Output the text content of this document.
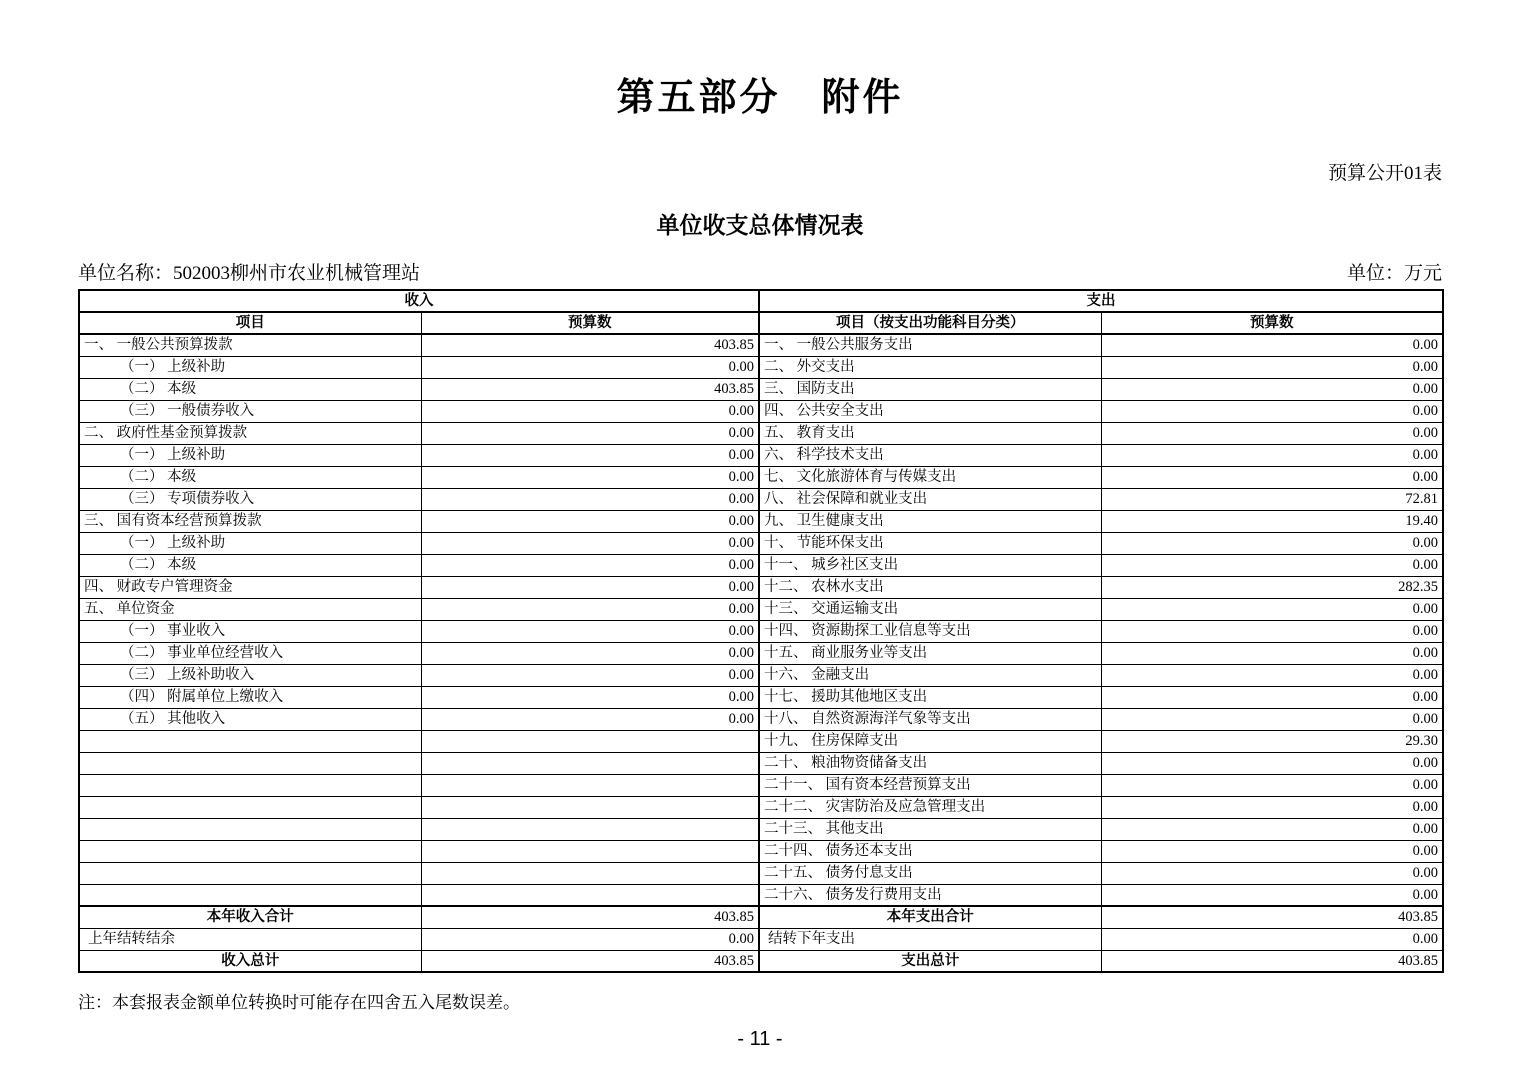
第五部分　附件
预算公开01表
单位收支总体情况表
单位名称：502003柳州市农业机械管理站	单位：万元
收入		支出	
项目	预算数	项目（按支出功能科目分类）	预算数
一、 一般公共预算拨款	403.85	一、 一般公共服务支出	0.00
（一） 上级补助	0.00	二、 外交支出	0.00
（二） 本级	403.85	三、 国防支出	0.00
（三） 一般债券收入	0.00	四、 公共安全支出	0.00
二、 政府性基金预算拨款	0.00	五、 教育支出	0.00
（一） 上级补助	0.00	六、 科学技术支出	0.00
（二） 本级	0.00	七、 文化旅游体育与传媒支出	0.00
（三） 专项债券收入	0.00	八、 社会保障和就业支出	72.81
三、 国有资本经营预算拨款	0.00	九、 卫生健康支出	19.40
（一） 上级补助	0.00	十、 节能环保支出	0.00
（二） 本级	0.00	十一、 城乡社区支出	0.00
四、 财政专户管理资金	0.00	十二、 农林水支出	282.35
五、 单位资金	0.00	十三、 交通运输支出	0.00
（一） 事业收入	0.00	十四、 资源勘探工业信息等支出	0.00
（二） 事业单位经营收入	0.00	十五、 商业服务业等支出	0.00
（三） 上级补助收入	0.00	十六、 金融支出	0.00
（四） 附属单位上缴收入	0.00	十七、 援助其他地区支出	0.00
（五） 其他收入	0.00	十八、 自然资源海洋气象等支出	0.00
		十九、 住房保障支出	29.30
		二十、 粮油物资储备支出	0.00
		二十一、 国有资本经营预算支出	0.00
		二十二、 灾害防治及应急管理支出	0.00
		二十三、 其他支出	0.00
		二十四、 债务还本支出	0.00
		二十五、 债务付息支出	0.00
		二十六、 债务发行费用支出	0.00
本年收入合计	403.85	本年支出合计	403.85
上年结转结余	0.00	结转下年支出	0.00
收入总计	403.85	支出总计	403.85
注：本套报表金额单位转换时可能存在四舍五入尾数误差。
- 11 -
